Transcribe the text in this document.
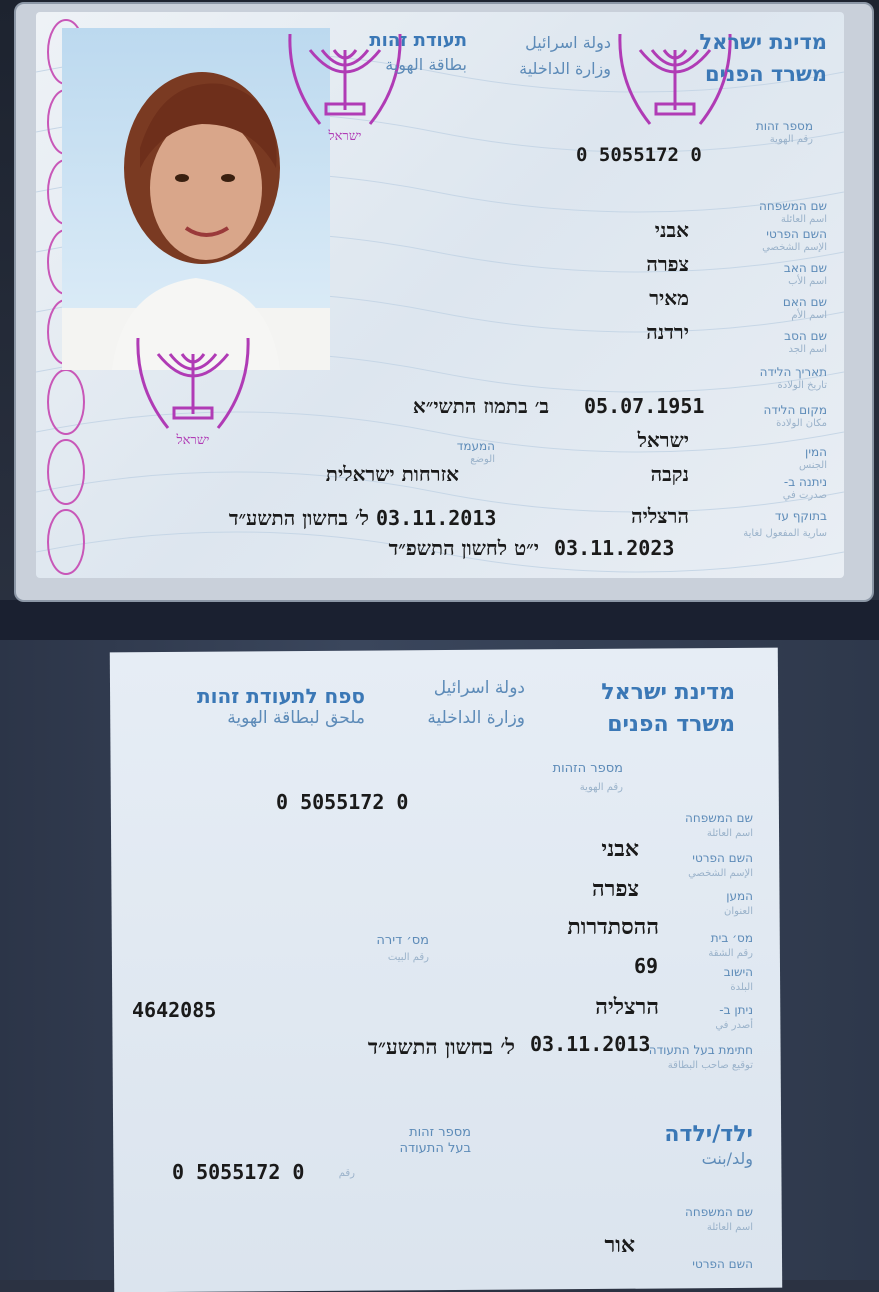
ישראל
ישראל
מדינת ישראל
משרד הפנים
תעודת זהות	دولة اسرائيل
وزارة الداخلية
بطاقة الهوية
מספר זהות
رقم الهوية
0 5055172 0
שם המשפחה
اسم العائلة
השם הפרטי
الإسم الشخصي
שם האב
اسم الأب
שם האם
اسم الأم
שם הסב
اسم الجد
תאריך הלידה
تاريخ الولادة
מקום הלידה
مكان الولادة
המין
الجنس
ניתנה ב-
صدرت في
בתוקף עד
سارية المفعول لغاية
המעמד
الوضع
אבני
צפרה
מאיר
ירדנה
05.07.1951
ב׳ בתמוז התשי״א
ישראל
נקבה
אזרחות ישראלית
הרצליה
03.11.2013
ל׳ בחשון התשע״ד
03.11.2023
י״ט לחשון התשפ״ד
מדינת ישראל
משרד הפנים
دولة اسرائيل
وزارة الداخلية
ספח לתעודת זהות
ملحق لبطاقة الهوية
מספר הזהות
رقم الهوية
0 5055172 0
שם המשפחה
اسم العائلة
השם הפרטי
الإسم الشخصي
המען
العنوان
מס׳ בית
رقم الشقة
הישוב
البلدة
ניתן ב-
أصدر في
חתימת בעל התעודה
توقيع صاحب البطاقة
מס׳ דירה
رقم البيت
אבני
צפרה
ההסתדרות
69
הרצליה
4642085
03.11.2013
ל׳ בחשון התשע״ד
ילד/ילדה
ولد/بنت
מספר זהות
בעל התעודה
رقم
0 5055172 0
שם המשפחה
اسم العائلة
אור
השם הפרטי
